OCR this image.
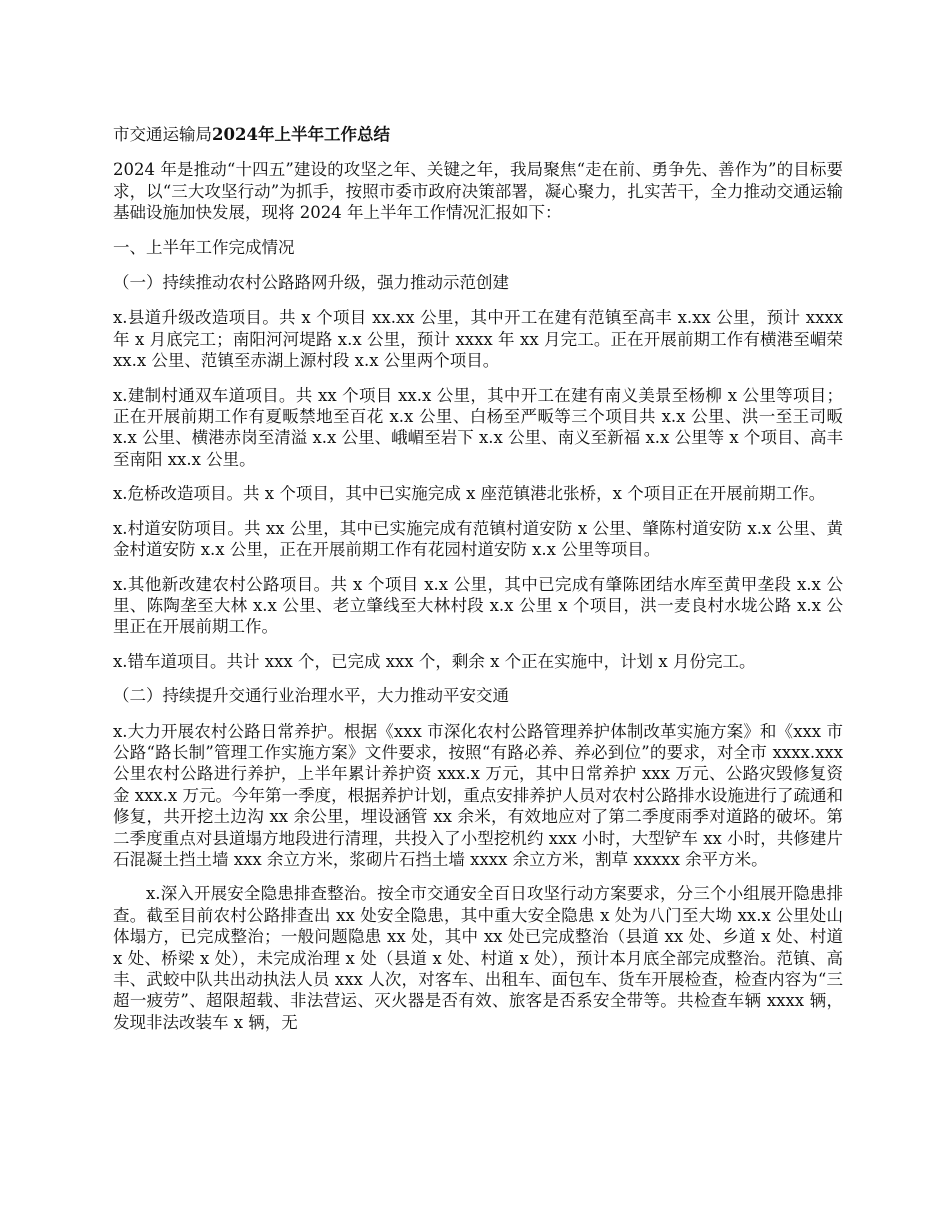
市交通运输局2024年上半年工作总结

2024 年是推动“十四五”建设的攻坚之年、关键之年，我局聚焦“走在前、勇争先、善作为”的目标要求，以“三大攻坚行动”为抓手，按照市委市政府决策部署，凝心聚力，扎实苦干，全力推动交通运输基础设施加快发展，现将 2024 年上半年工作情况汇报如下：

一、上半年工作完成情况

（一）持续推动农村公路路网升级，强力推动示范创建

x.县道升级改造项目。共 x 个项目 xx.xx 公里，其中开工在建有范镇至高丰 x.xx 公里，预计 xxxx 年 x 月底完工；南阳河河堤路 x.x 公里，预计 xxxx 年 xx 月完工。正在开展前期工作有横港至嵋荣 xx.x 公里、范镇至赤湖上源村段 x.x 公里两个项目。

x.建制村通双车道项目。共 xx 个项目 xx.x 公里，其中开工在建有南义美景至杨柳 x 公里等项目；正在开展前期工作有夏畈禁地至百花 x.x 公里、白杨至严畈等三个项目共 x.x 公里、洪一至王司畈 x.x 公里、横港赤岗至清溢 x.x 公里、峨嵋至岩下 x.x 公里、南义至新福 x.x 公里等 x 个项目、高丰至南阳 xx.x 公里。

x.危桥改造项目。共 x 个项目，其中已实施完成 x 座范镇港北张桥，x 个项目正在开展前期工作。

x.村道安防项目。共 xx 公里，其中已实施完成有范镇村道安防 x 公里、肇陈村道安防 x.x 公里、黄金村道安防 x.x 公里，正在开展前期工作有花园村道安防 x.x 公里等项目。

x.其他新改建农村公路项目。共 x 个项目 x.x 公里，其中已完成有肇陈团结水库至黄甲垄段 x.x 公里、陈陶垄至大林 x.x 公里、老立肇线至大林村段 x.x 公里 x 个项目，洪一麦良村水垅公路 x.x 公里正在开展前期工作。

x.错车道项目。共计 xxx 个，已完成 xxx 个，剩余 x 个正在实施中，计划 x 月份完工。

（二）持续提升交通行业治理水平，大力推动平安交通

x.大力开展农村公路日常养护。根据《xxx 市深化农村公路管理养护体制改革实施方案》和《xxx 市公路“路长制”管理工作实施方案》文件要求，按照“有路必养、养必到位”的要求，对全市 xxxx.xxx 公里农村公路进行养护，上半年累计养护资 xxx.x 万元，其中日常养护 xxx 万元、公路灾毁修复资金 xxx.x 万元。今年第一季度，根据养护计划，重点安排养护人员对农村公路排水设施进行了疏通和修复，共开挖土边沟 xx 余公里，埋设涵管 xx 余米，有效地应对了第二季度雨季对道路的破坏。第二季度重点对县道塌方地段进行清理，共投入了小型挖机约 xxx 小时，大型铲车 xx 小时，共修建片石混凝土挡土墙 xxx 余立方米，浆砌片石挡土墙 xxxx 余立方米，割草 xxxxx 余平方米。

x.深入开展安全隐患排查整治。按全市交通安全百日攻坚行动方案要求，分三个小组展开隐患排查。截至目前农村公路排查出 xx 处安全隐患，其中重大安全隐患 x 处为八门至大坳 xx.x 公里处山体塌方，已完成整治；一般问题隐患 xx 处，其中 xx 处已完成整治（县道 xx 处、乡道 x 处、村道 x 处、桥梁 x 处），未完成治理 x 处（县道 x 处、村道 x 处），预计本月底全部完成整治。范镇、高丰、武蛟中队共出动执法人员 xxx 人次，对客车、出租车、面包车、货车开展检查，检查内容为“三超一疲劳”、超限超载、非法营运、灭火器是否有效、旅客是否系安全带等。共检查车辆 xxxx 辆，发现非法改装车 x 辆，无
